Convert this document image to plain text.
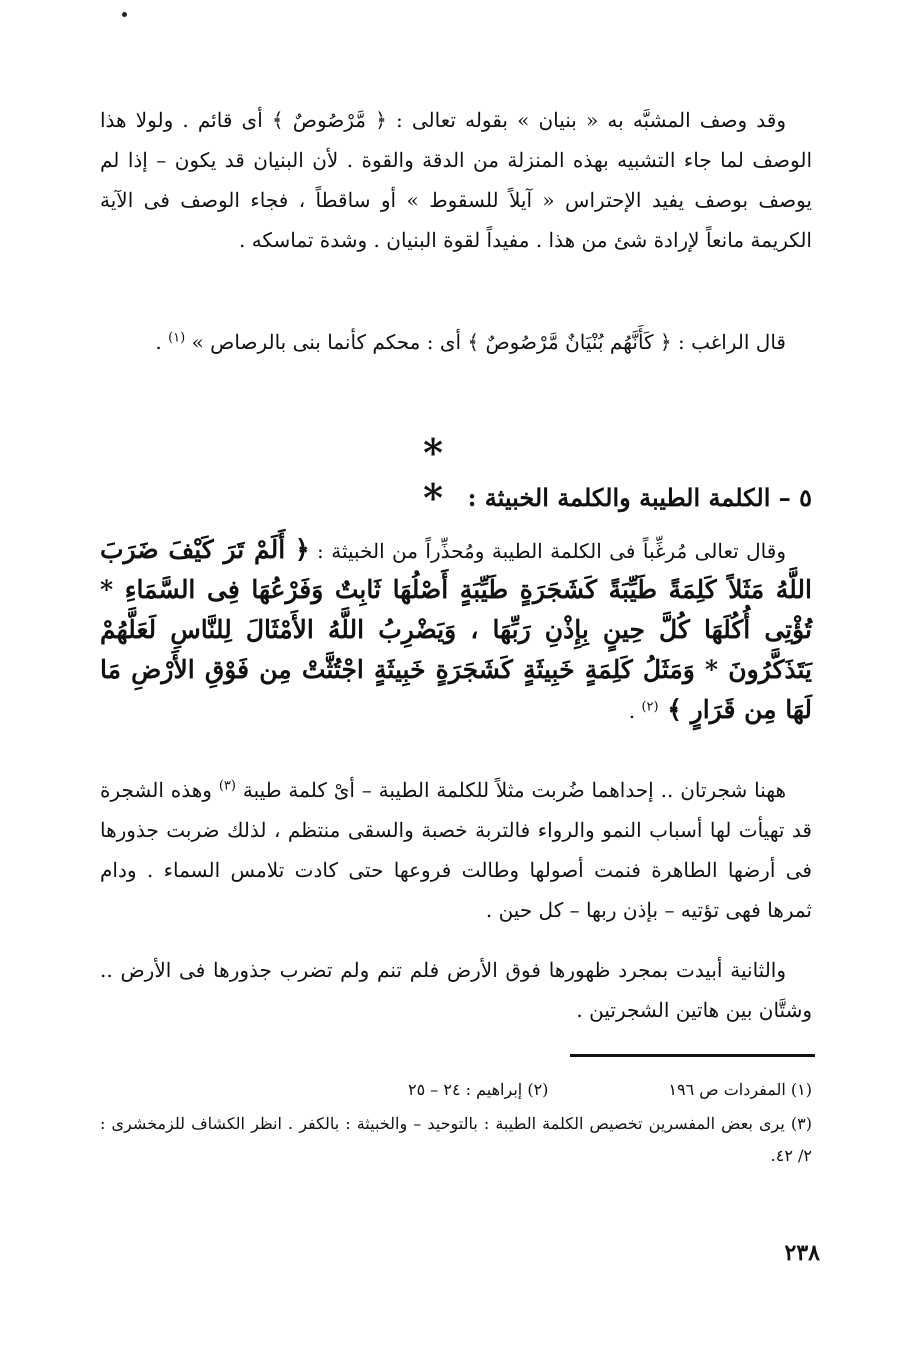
وقد وصف المشبَّه به « بنيان » بقوله تعالى : ﴿ مَّرْصُوصٌ ﴾ أى قائم . ولولا هذا الوصف لما جاء التشبيه بهذه المنزلة من الدقة والقوة . لأن البنيان قد يكون – إذا لم يوصف بوصف يفيد الإحتراس « آيلاً للسقوط » أو ساقطاً ، فجاء الوصف فى الآية الكريمة مانعاً لإرادة شئ من هذا . مفيداً لقوة البنيان . وشدة تماسكه .

قال الراغب : ﴿ كَأَنَّهُم بُنْيَانٌ مَّرْصُوصٌ ﴾ أى : محكم كأنما بنى بالرصاص » $^{(١)}$ .

* *
٥ – الكلمة الطيبة والكلمة الخبيثة :

وقال تعالى مُرغِّباً فى الكلمة الطيبة ومُحذِّراً من الخبيثة : ﴿ أَلَمْ تَرَ كَيْفَ ضَرَبَ اللَّهُ مَثَلاً كَلِمَةً طَيِّبَةً كَشَجَرَةٍ طَيِّبَةٍ أَصْلُهَا ثَابِتٌ وَفَرْعُهَا فِى السَّمَاءِ * تُؤْتِى أُكُلَهَا كُلَّ حِينٍ بِإِذْنِ رَبِّهَا ، وَيَضْرِبُ اللَّهُ الأَمْثَالَ لِلنَّاسِ لَعَلَّهُمْ يَتَذَكَّرُونَ * وَمَثَلُ كَلِمَةٍ خَبِيثَةٍ كَشَجَرَةٍ خَبِيثَةٍ اجْتُثَّتْ مِن فَوْقِ الأَرْضِ مَا لَهَا مِن قَرَارٍ ﴾ $^{(٢)}$ .

ههنا شجرتان .. إحداهما ضُربت مثلاً للكلمة الطيبة – أىْ كلمة طيبة $^{(٣)}$ وهذه الشجرة قد تهيأت لها أسباب النمو والرواء فالتربة خصبة والسقى منتظم ، لذلك ضربت جذورها فى أرضها الطاهرة فنمت أصولها وطالت فروعها حتى كادت تلامس السماء . ودام ثمرها فهى تؤتيه – بإذن ربها – كل حين .

والثانية أبيدت بمجرد ظهورها فوق الأرض فلم تنم ولم تضرب جذورها فى الأرض .. وشتَّان بين هاتين الشجرتين .

(١) المفردات ص ١٩٦
(٢) إبراهيم : ٢٤ – ٢٥
(٣) يرى بعض المفسرين تخصيص الكلمة الطيبة : بالتوحيد – والخبيثة : بالكفر . انظر الكشاف للزمخشرى : ٢/ ٤٢.
٢٣٨
